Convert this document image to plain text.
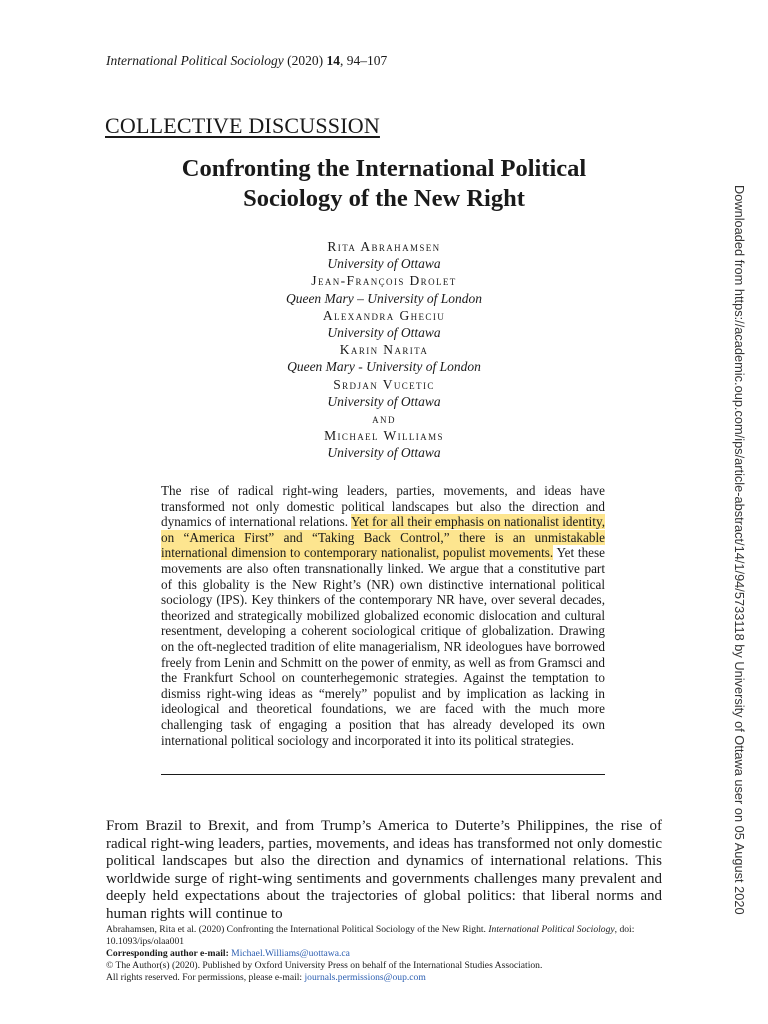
International Political Sociology (2020) 14, 94–107
COLLECTIVE DISCUSSION
Confronting the International Political
Sociology of the New Right
Rita Abrahamsen
University of Ottawa
Jean-François Drolet
Queen Mary – University of London
Alexandra Gheciu
University of Ottawa
Karin Narita
Queen Mary - University of London
Srdjan Vucetic
University of Ottawa
and
Michael Williams
University of Ottawa
The rise of radical right-wing leaders, parties, movements, and ideas have transformed not only domestic political landscapes but also the direction and dynamics of international relations. Yet for all their emphasis on nationalist identity, on “America First” and “Taking Back Control,” there is an unmistakable international dimension to contemporary nationalist, populist movements. Yet these movements are also often transnationally linked. We argue that a constitutive part of this globality is the New Right’s (NR) own distinctive international political sociology (IPS). Key thinkers of the contemporary NR have, over several decades, theorized and strategically mobilized globalized economic dislocation and cultural resentment, developing a coherent sociological critique of globalization. Drawing on the oft-neglected tradition of elite managerialism, NR ideologues have borrowed freely from Lenin and Schmitt on the power of enmity, as well as from Gramsci and the Frankfurt School on counterhegemonic strategies. Against the temptation to dismiss right-wing ideas as “merely” populist and by implication as lacking in ideological and theoretical foundations, we are faced with the much more challenging task of engaging a position that has already developed its own international political sociology and incorporated it into its political strategies.
From Brazil to Brexit, and from Trump’s America to Duterte’s Philippines, the rise of radical right-wing leaders, parties, movements, and ideas has transformed not only domestic political landscapes but also the direction and dynamics of international relations. This worldwide surge of right-wing sentiments and governments challenges many prevalent and deeply held expectations about the trajectories of global politics: that liberal norms and human rights will continue to
Abrahamsen, Rita et al. (2020) Confronting the International Political Sociology of the New Right. International Political Sociology, doi: 10.1093/ips/olaa001
Corresponding author e-mail: Michael.Williams@uottawa.ca
© The Author(s) (2020). Published by Oxford University Press on behalf of the International Studies Association.
All rights reserved. For permissions, please e-mail: journals.permissions@oup.com
Downloaded from https://academic.oup.com/ips/article-abstract/14/1/94/5733118 by University of Ottawa user on 05 August 2020
